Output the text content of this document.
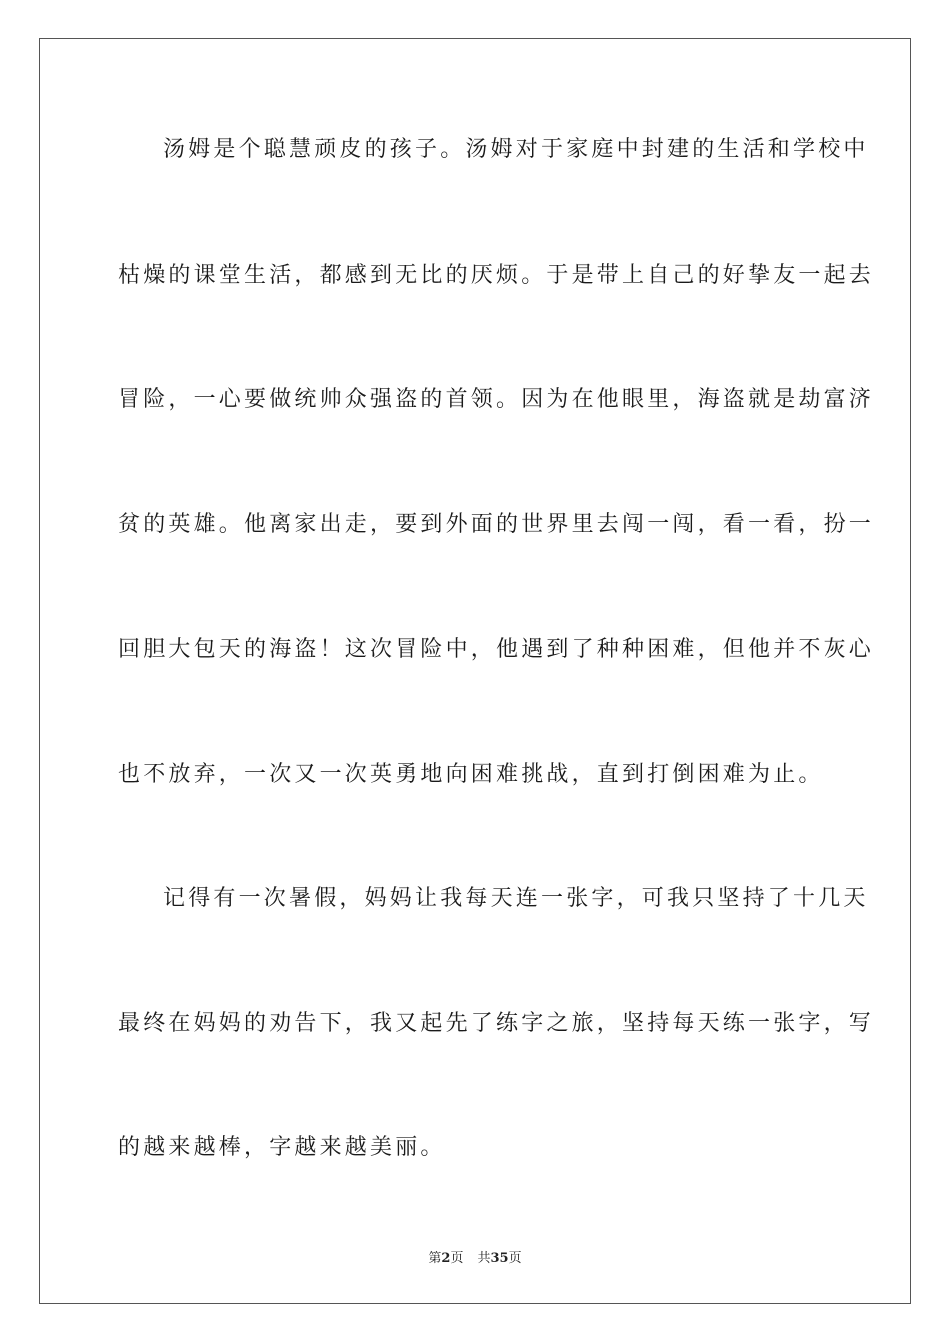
汤姆是个聪慧顽皮的孩子。汤姆对于家庭中封建的生活和学校中

枯燥的课堂生活，都感到无比的厌烦。于是带上自己的好挚友一起去

冒险，一心要做统帅众强盗的首领。因为在他眼里，海盗就是劫富济

贫的英雄。他离家出走，要到外面的世界里去闯一闯，看一看，扮一

回胆大包天的海盗！这次冒险中，他遇到了种种困难，但他并不灰心

也不放弃，一次又一次英勇地向困难挑战，直到打倒困难为止。

记得有一次暑假，妈妈让我每天连一张字，可我只坚持了十几天

最终在妈妈的劝告下，我又起先了练字之旅，坚持每天练一张字，写

的越来越棒，字越来越美丽。

第2页 共35页
